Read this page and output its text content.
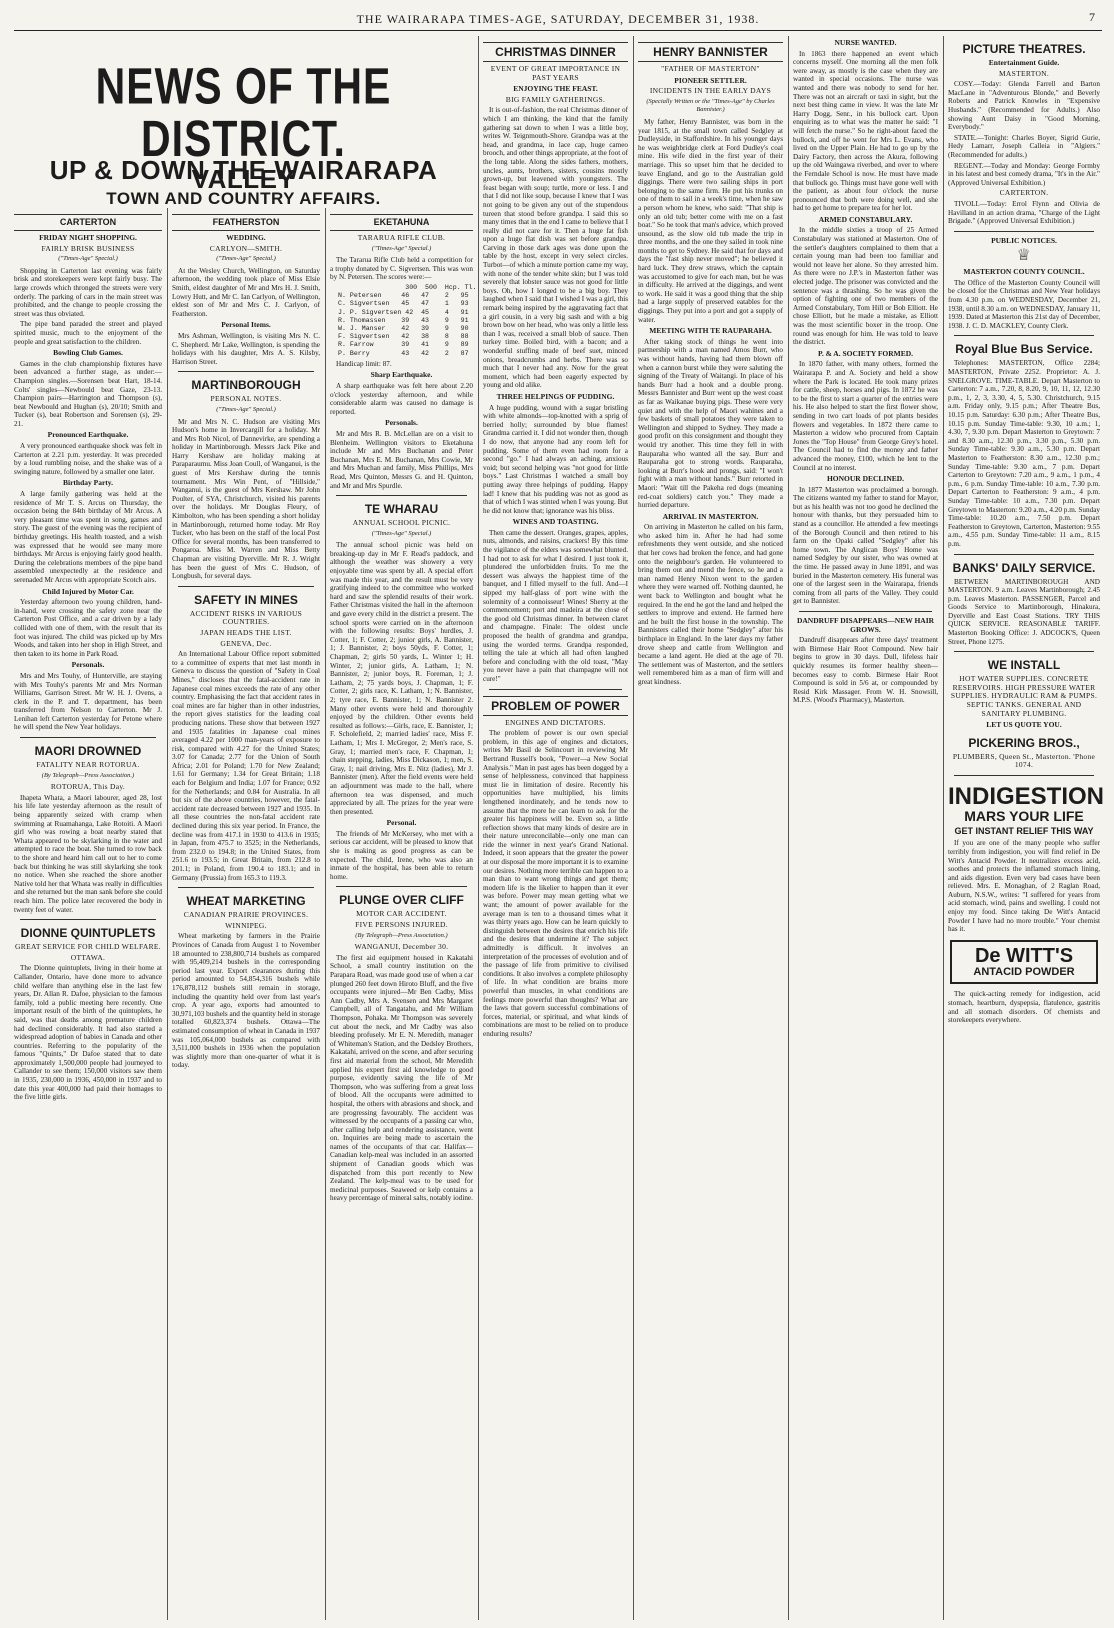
THE WAIRARAPA TIMES-AGE, SATURDAY, DECEMBER 31, 1938.	7
NEWS OF THE DISTRICT.
UP & DOWN THE WAIRARAPA VALLEY
TOWN AND COUNTRY AFFAIRS.
CARTERTON
FRIDAY NIGHT SHOPPING.
FAIRLY BRISK BUSINESS
("Times-Age" Special.)

Shopping in Carterton last evening was fairly brisk and storekeepers were kept fairly busy. The large crowds which thronged the streets were very orderly. The parking of cars in the main street was prohibited, and the change to people crossing the street was thus obviated.

The pipe band paraded the street and played spirited music, much to the enjoyment of the people and great satisfaction to the children.

Bowling Club Games.

Games in the club championship fixtures have been advanced a further stage, as under:— Champion singles.—Sorensen beat Hart, 18-14. Colts' singles—Newbould beat Gaze, 23-13. Champion pairs—Harrington and Thompson (s), beat Newbould and Hughan (s), 20/10; Smith and Tucker (s), beat Robertson and Sorensen (s), 29-21.

Pronounced Earthquake.

A very pronounced earthquake shock was felt in Carterton at 2.21 p.m. yesterday. It was preceded by a loud rumbling noise, and the shake was of a swinging nature, followed by a smaller one later.

Birthday Party.

A large family gathering was held at the residence of Mr T. S. Arcus on Thursday, the occasion being the 84th birthday of Mr Arcus. A very pleasant time was spent in song, games and story. The guest of the evening was the recipient of birthday greetings. His health toasted, and a wish was expressed that he would see many more birthdays. Mr Arcus is enjoying fairly good health. During the celebrations members of the pipe band assembled unexpectedly at the residence and serenaded Mr Arcus with appropriate Scotch airs.

Child Injured by Motor Car.

Yesterday afternoon two young children, hand-in-hand, were crossing the safety zone near the Carterton Post Office, and a car driven by a lady collided with one of them, with the result that its foot was injured. The child was picked up by Mrs Woods, and taken into her shop in High Street, and then taken to its home in Park Road.

Personals.

Mrs and Mrs Touhy, of Hunterville, are staying with Mrs Touhy's parents Mr and Mrs Norman Williams, Garrison Street. Mr W. H. J. Ovens, a clerk in the P. and T. department, has been transferred from Nelson to Carterton. Mr J. Lenihan left Carterton yesterday for Petone where he will spend the New Year holidays.

MAORI DROWNED
FATALITY NEAR ROTORUA.
(By Telegraph—Press Association.)
ROTORUA, This Day.

Ihapeta Whata, a Maori labourer, aged 28, lost his life late yesterday afternoon as the result of being apparently seized with cramp when swimming at Ruamahanga, Lake Rotoiti. A Maori girl who was rowing a boat nearby stated that Whata appeared to be skylarking in the water and attempted to race the boat. She turned to row back to the shore and heard him call out to her to come back but thinking he was still skylarking she took no notice. When she reached the shore another Native told her that Whata was really in difficulties and she returned but the man sank before she could reach him. The police later recovered the body in twenty feet of water.

DIONNE QUINTUPLETS
GREAT SERVICE FOR CHILD WELFARE.
OTTAWA.

The Dionne quintuplets, living in their home at Callander, Ontario, have done more to advance child welfare than anything else in the last few years, Dr. Allan R. Dafoe, physician to the famous family, told a public meeting here recently. One important result of the birth of the quintuplets, he said, was that deaths among premature children had declined considerably. It had also started a widespread adoption of babies in Canada and other countries. Referring to the popularity of the famous "Quints," Dr Dafoe stated that to date approximately 1,500,000 people had journeyed to Callander to see them; 150,000 visitors saw them in 1935, 230,000 in 1936, 450,000 in 1937 and to date this year 400,000 had paid their homages to the five little girls.

FEATHERSTON
WEDDING.
CARLYON—SMITH.
("Times-Age" Special.)

At the Wesley Church, Wellington, on Saturday afternoon, the wedding took place of Miss Elsie Smith, eldest daughter of Mr and Mrs H. J. Smith, Lowry Hutt, and Mr C. Ian Carlyon, of Wellington, eldest son of Mr and Mrs C. J. Carlyon, of Featherston.

Personal Items.

Mrs Ashman, Wellington, is visiting Mrs N. C. C. Shepherd. Mr Lake, Wellington, is spending the holidays with his daughter, Mrs A. S. Kilsby, Harrison Street.

MARTINBOROUGH
PERSONAL NOTES.
("Times-Age" Special.)

Mr and Mrs N. C. Hudson are visiting Mrs Hudson's home in Invercargill for a holiday. Mr and Mrs Rob Nicol, of Dannevirke, are spending a holiday in Martinborough. Messrs Jack Pike and Harry Kershaw are holiday making at Paraparaumu. Miss Joan Coull, of Wanganui, is the guest of Mrs Kershaw during the tennis tournament. Mrs Win Pent, of "Hillside," Wanganui, is the guest of Mrs Kershaw. Mr John Poulter, of SYA, Christchurch, visited his parents over the holidays. Mr Douglas Fleury, of Kimbolton, who has been spending a short holiday in Martinborough, returned home today. Mr Roy Tucker, who has been on the staff of the local Post Office for several months, has been transferred to Pongaroa. Miss M. Warren and Miss Betty Chapman are visiting Dyerville. Mr R. J. Wright has been the guest of Mrs C. Hudson, of Longbush, for several days.

SAFETY IN MINES
ACCIDENT RISKS IN VARIOUS COUNTRIES.
JAPAN HEADS THE LIST.
GENEVA, Dec.

An International Labour Office report submitted to a committee of experts that met last month in Geneva to discuss the question of "Safety in Coal Mines," discloses that the fatal-accident rate in Japanese coal mines exceeds the rate of any other country. Emphasising the fact that accident rates in coal mines are far higher than in other industries, the report gives statistics for the leading coal producing nations. These show that between 1927 and 1935 fatalities in Japanese coal mines averaged 4.22 per 1000 man-years of exposure to risk, compared with 4.27 for the United States; 3.07 for Canada; 2.77 for the Union of South Africa; 2.01 for Poland; 1.70 for New Zealand; 1.61 for Germany; 1.34 for Great Britain; 1.18 each for Belgium and India; 1.07 for France; 0.92 for the Netherlands; and 0.84 for Australia. In all but six of the above countries, however, the fatal-accident rate decreased between 1927 and 1935. In all these countries the non-fatal accident rate declined during this six year period. In France, the decline was from 417.1 in 1930 to 413.6 in 1935; in Japan, from 475.7 to 3525; in the Netherlands, from 232.0 to 194.8; in the United States, from 251.6 to 193.5; in Great Britain, from 212.8 to 201.1; in Poland, from 190.4 to 183.1; and in Germany (Prussia) from 165.3 to 119.3.

WHEAT MARKETING
CANADIAN PRAIRIE PROVINCES.
WINNIPEG.

Wheat marketing by farmers in the Prairie Provinces of Canada from August 1 to November 18 amounted to 238,800,714 bushels as compared with 95,409,214 bushels in the corresponding period last year. Export clearances during this period amounted to 54,854,316 bushels while 176,878,112 bushels still remain in storage, including the quantity held over from last year's crop. A year ago, exports had amounted to 30,971,103 bushels and the quantity held in storage totalled 60,823,374 bushels. Ottawa—The estimated consumption of wheat in Canada in 1937 was 105,064,000 bushels as compared with 3,511,000 bushels in 1936 when the population was slightly more than one-quarter of what it is today.

EKETAHUNA
TARARUA RIFLE CLUB.
("Times-Age" Special.)

The Tararua Rifle Club held a competition for a trophy donated by C. Sigvertsen. This was won by N. Petersen. The scores were:—

300  500  Hcp. Tl.
N. Petersen     46   47    2   95
C. Sigvertsen   45   47    1   93
J. P. Sigvertsen 42  45    4   91
R. Thomassen    39   43    9   91
W. J. Manser    42   39    9   90
F. Sigvertsen   42   38    8   88
R. Farrow       39   41    9   89
P. Berry        43   42    2   87

Handicap limit: 87.

Sharp Earthquake.

A sharp earthquake was felt here about 2.20 o'clock yesterday afternoon, and while considerable alarm was caused no damage is reported.

Personals.

Mr and Mrs R. B. McLellan are on a visit to Blenheim. Wellington visitors to Eketahuna include Mr and Mrs Buchanan and Peter Buchanan, Mrs E. M. Buchanan, Mrs Cowie, Mr and Mrs Muchan and family, Miss Phillips, Mrs Read, Mrs Quinton, Messrs G. and H. Quinton, and Mr and Mrs Spurdle.

TE WHARAU
ANNUAL SCHOOL PICNIC.
("Times-Age" Special.)

The annual school picnic was held on breaking-up day in Mr F. Read's paddock, and although the weather was showery a very enjoyable time was spent by all. A special effort was made this year, and the result must be very gratifying indeed to the committee who worked hard and saw the splendid results of their work. Father Christmas visited the hall in the afternoon and gave every child in the district a present. The school sports were carried on in the afternoon with the following results: Boys' hurdles, J. Cotter, 1; F. Cotter, 2; junior girls, A. Bannister, 1; J. Bannister, 2; boys 50yds, F. Cotter, 1; Chapman, 2; girls 50 yards, L. Winter 1; H. Winter, 2; junior girls, A. Latham, 1; N. Bannister, 2; junior boys, R. Foreman, 1; J. Latham, 2; 75 yards boys, J. Chapman, 1; F. Cotter, 2; girls race, K. Latham, 1; N. Bannister, 2; tyre race, E. Bannister, 1; N. Bannister 2. Many other events were held and thoroughly enjoyed by the children. Other events held resulted as follows:—Girls, race, E. Bannister, 1; F. Scholefield, 2; married ladies' race, Miss F. Latham, 1; Mrs I. McGregor, 2; Men's race, S. Gray, 1; married men's race, F. Chapman, 1; chain stepping, ladies, Miss Dickason, 1; men, S. Gray, 1; nail driving, Mrs E. Nitz (ladies), Mr J. Bannister (men). After the field events were held an adjournment was made to the hall, where afternoon tea was dispensed, and much appreciated by all. The prizes for the year were then presented.

Personal.

The friends of Mr McKersey, who met with a serious car accident, will be pleased to know that she is making as good progress as can be expected. The child, Irene, who was also an inmate of the hospital, has been able to return home.

PLUNGE OVER CLIFF
MOTOR CAR ACCIDENT.
FIVE PERSONS INJURED.
(By Telegraph—Press Association.)
WANGANUI, December 30.

The first aid equipment housed in Kakatahi School, a small country institution on the Parapara Road, was made good use of when a car plunged 260 feet down Hiroto Bluff, and the five occupants were injured—Mr Ben Cadby, Miss Ann Cadby, Mrs A. Svensen and Mrs Margaret Campbell, all of Tangatahu, and Mr William Thompson, Pohaka. Mr Thompson was severely cut about the neck, and Mr Cadby was also bleeding profusely. Mr E. N. Meredith, manager of Whiteman's Station, and the Dedsley Brothers, Kakatahi, arrived on the scene, and after securing first aid material from the school, Mr Meredith applied his expert first aid knowledge to good purpose, evidently saving the life of Mr Thompson, who was suffering from a great loss of blood. All the occupants were admitted to hospital, the others with abrasions and shock, and are progressing favourably. The accident was witnessed by the occupants of a passing car who, after calling help and rendering assistance, went on. Inquiries are being made to ascertain the names of the occupants of that car. Halifax—Canadian kelp-meal was included in an assorted shipment of Canadian goods which was dispatched from this port recently to New Zealand. The kelp-meal was to be used for medicinal purposes. Seaweed or kelp contains a heavy percentage of mineral salts, notably iodine.

CHRISTMAS DINNER
EVENT OF GREAT IMPORTANCE IN PAST YEARS
ENJOYING THE FEAST.
BIG FAMILY GATHERINGS.

It is out-of-fashion, the real Christmas dinner of which I am thinking, the kind that the family gathering sat down to when I was a little boy, writes W. Teignmouth-Shore. Grandpa was at the head, and grandma, in lace cap, huge cameo brooch, and other things appropriate, at the foot of the long table. Along the sides fathers, mothers, uncles, aunts, brothers, sisters, cousins mostly grown-up, but leavened with youngsters. The feast began with soup; turtle, more or less. I and that I did not like soup, because I knew that I was not going to be given any out of the stupendous tureen that stood before grandpa. I said this so many times that in the end I came to believe that I really did not care for it. Then a huge fat fish upon a huge flat dish was set before grandpa. Carving in those dark ages was done upon the table by the host, except in very select circles. Turbot—of which a minute portion came my way, with none of the tender white skin; but I was told severely that lobster sauce was not good for little boys. Oh, how I longed to be a big boy. They laughed when I said that I wished I was a girl, this remark being inspired by the aggravating fact that a girl cousin, in a very big sash and with a big brown bow on her head, who was only a little less than I was, received a small blob of sauce. Then turkey time. Boiled bird, with a bacon; and a wonderful stuffing made of beef suet, minced onions, breadcrumbs and herbs. There was so much that I never had any. Now for the great moment, which had been eagerly expected by young and old alike.

THREE HELPINGS OF PUDDING.

A huge pudding, wound with a sugar bristling with white almonds—top-knotted with a sprig of berried holly; surrounded by blue flames! Grandma carried it. I did not wonder then, though I do now, that anyone had any room left for pudding. Some of them even had room for a second "go." I had always an aching, anxious void; but second helping was "not good for little boys." Last Christmas I watched a small boy putting away three helpings of pudding. Happy lad! I knew that his pudding was not as good as that of which I was stinted when I was young. But he did not know that; ignorance was his bliss.

WINES AND TOASTING.

Then came the dessert. Oranges, grapes, apples, nuts, almonds, and raisins, crackers! By this time the vigilance of the elders was somewhat blunted. I had not to ask for what I desired. I just took it, plundered the unforbidden fruits. To me the dessert was always the happiest time of the banquet, and I filled myself to the full. And—I sipped my half-glass of port wine with the solemnity of a connoisseur! Wines! Sherry at the commencement; port and madeira at the close of the good old Christmas dinner. In between claret and champagne. Finale: The oldest uncle proposed the health of grandma and grandpa, using the worded terms. Grandpa responded, telling the tale at which all had often laughed before and concluding with the old toast, "May you never have a pain that champagne will not cure!"

PROBLEM OF POWER
ENGINES AND DICTATORS.

The problem of power is our own special problem, in this age of engines and dictators, writes Mr Basil de Selincourt in reviewing Mr Bertrand Russell's book, "Power—a New Social Analysis." Man in past ages has been dogged by a sense of helplessness, convinced that happiness must lie in limitation of desire. Recently his opportunities have multiplied, his limits lengthened inordinately, and he tends now to assume that the more he can learn to ask for the greater his happiness will be. Even so, a little reflection shows that many kinds of desire are in their nature unreconcilable—only one man can ride the winner in next year's Grand National. Indeed, it soon appears that the greater the power at our disposal the more important it is to examine our desires. Nothing more terrible can happen to a man than to want wrong things and get them; modern life is the likelier to happen than it ever was before. Power may mean getting what we want; the amount of power available for the average man is ten to a thousand times what it was thirty years ago. How can he learn quickly to distinguish between the desires that enrich his life and the desires that undermine it? The subject admittedly is difficult. It involves an interpretation of the processes of evolution and of the passage of life from primitive to civilised conditions. It also involves a complete philosophy of life. In what condition are brains more powerful than muscles, in what conditions are feelings more powerful than thoughts? What are the laws that govern successful combinations of forces, material, or spiritual, and what kinds of combinations are most to be relied on to produce enduring results?

HENRY BANNISTER
"FATHER OF MASTERTON"
PIONEER SETTLER.
INCIDENTS IN THE EARLY DAYS
(Specially Written or the "Times-Age" by Charles Bannister.)

My father, Henry Bannister, was born in the year 1815, at the small town called Sedgley at Dudleyside, in Staffordshire. In his younger days he was weighbridge clerk at Ford Dudley's coal mine. His wife died in the first year of their marriage. This so upset him that he decided to leave England, and go to the Australian gold diggings. There were two sailing ships in port belonging to the same firm. He put his trunks on one of them to sail in a week's time, when he saw a person whom he knew, who said: "That ship is only an old tub; better come with me on a fast boat." So he took that man's advice, which proved unsound, as the slow old tub made the trip in three months, and the one they sailed in took nine months to get to Sydney. He said that for days and days the "fast ship never moved"; he believed it hard luck. They drew straws, which the captain was accustomed to give for each man, but he was in difficulty. He arrived at the diggings, and went to work. He said it was a good thing that the ship had a large supply of preserved eatables for the diggings. They put into a port and got a supply of water.

MEETING WITH TE RAUPARAHA.

After taking stock of things he went into partnership with a man named Amos Burr, who was without hands, having had them blown off when a cannon burst while they were saluting the signing of the Treaty of Waitangi. In place of his hands Burr had a hook and a double prong. Messrs Bannister and Burr went up the west coast as far as Waikanae buying pigs. These were very quiet and with the help of Maori wahines and a few baskets of small potatoes they were taken to Wellington and shipped to Sydney. They made a good profit on this consignment and thought they would try another. This time they fell in with Rauparaha who wanted all the say. Burr and Rauparaha got to strong words. Rauparaha, looking at Burr's hook and prongs, said: "I won't fight with a man without hands." Burr retorted in Maori: "Wait till the Pakeha red dogs (meaning red-coat soldiers) catch you." They made a hurried departure.

ARRIVAL IN MASTERTON.

On arriving in Masterton he called on his farm, who asked him in. After he had had some refreshments they went outside, and she noticed that her cows had broken the fence, and had gone onto the neighbour's garden. He volunteered to bring them out and mend the fence, so he and a man named Henry Nixon went to the garden where they were warned off. Nothing daunted, he went back to Wellington and bought what he required. In the end he got the land and helped the settlers to improve and extend. He farmed here and he built the first house in the township. The Bannisters called their home "Sedgley" after his birthplace in England. In the later days my father drove sheep and cattle from Wellington and became a land agent. He died at the age of 70. The settlement was of Masterton, and the settlers well remembered him as a man of firm will and great kindness.

NURSE WANTED.

In 1863 there happened an event which concerns myself. One morning all the men folk were away, as mostly is the case when they are wanted in special occasions. The nurse was wanted and there was nobody to send for her. There was not an aircraft or taxi in sight, but the next best thing came in view. It was the late Mr Harry Dogg, Senr., in his bullock cart. Upon enquiring as to what was the matter he said: "I will fetch the nurse." So he right-about faced the bullock, and off he went for Mrs L. Evans, who lived on the Upper Plain. He had to go up by the Dairy Factory, then across the Akura, following up the old Waingawa riverbed, and over to where the Ferndale School is now. He must have made that bullock go. Things must have gone well with the patient, as about four o'clock the nurse pronounced that both were doing well, and she had to get home to prepare tea for her lot.

ARMED CONSTABULARY.

In the middle sixties a troop of 25 Armed Constabulary was stationed at Masterton. One of the settler's daughters complained to them that a certain young man had been too familiar and would not leave her alone. So they arrested him. As there were no J.P.'s in Masterton father was elected judge. The prisoner was convicted and the sentence was a thrashing. So he was given the option of fighting one of two members of the Armed Constabulary, Tom Hill or Bob Elliott. He chose Elliott, but he made a mistake, as Elliott was the most scientific boxer in the troop. One round was enough for him. He was told to leave the district.

P. & A. SOCIETY FORMED.

In 1870 father, with many others, formed the Wairarapa P. and A. Society and held a show where the Park is located. He took many prizes for cattle, sheep, horses and pigs. In 1872 he was to be the first to start a quarter of the entries were his. He also helped to start the first flower show, sending in two cart loads of pot plants besides flowers and vegetables. In 1872 there came to Masterton a widow who procured from Captain Jones the "Top House" from George Grey's hotel. The Council had to find the money and father advanced the money, £100, which he lent to the Council at no interest.

HONOUR DECLINED.

In 1877 Masterton was proclaimed a borough. The citizens wanted my father to stand for Mayor, but as his health was not too good he declined the honour with thanks, but they persuaded him to stand as a councillor. He attended a few meetings of the Borough Council and then retired to his farm on the Opaki called "Sedgley" after his home town. The Anglican Boys' Home was named Sedgley by our sister, who was owned at the time. He passed away in June 1891, and was buried in the Masterton cemetery. His funeral was one of the largest seen in the Wairarapa, friends coming from all parts of the Valley. They could get to Bannister.

DANDRUFF DISAPPEARS—NEW HAIR GROWS.

Dandruff disappears after three days' treatment with Birmese Hair Root Compound. New hair begins to grow in 30 days. Dull, lifeless hair quickly resumes its former healthy sheen—becomes easy to comb. Birmese Hair Root Compound is sold in 5/6 at, or compounded by Resid Kirk Massager. From W. H. Snowsill, M.P.S. (Wood's Pharmacy), Masterton.

PICTURE THEATRES.
Entertainment Guide.
MASTERTON.

COSY.—Today: Glenda Farrell and Barton MacLane in "Adventurous Blonde," and Beverly Roberts and Patrick Knowles in "Expensive Husbands." (Recommended for Adults.) Also showing Aunt Daisy in "Good Morning, Everybody."

STATE.—Tonight: Charles Boyer, Sigrid Gurie, Hedy Lamarr, Joseph Calleia in "Algiers." (Recommended for adults.)

REGENT.—Today and Monday: George Formby in his latest and best comedy drama, "It's in the Air." (Approved Universal Exhibition.)

CARTERTON.

TIVOLI.—Today: Errol Flynn and Olivia de Havilland in an action drama, "Charge of the Light Brigade." (Approved Universal Exhibition.)

PUBLIC NOTICES.
♕
MASTERTON COUNTY COUNCIL.

The Office of the Masterton County Council will be closed for the Christmas and New Year holidays from 4.30 p.m. on WEDNESDAY, December 21, 1938, until 8.30 a.m. on WEDNESDAY, January 11, 1939. Dated at Masterton this 21st day of December, 1938. J. C. D. MACKLEY, County Clerk.

Royal Blue Bus Service.

Telephones: MASTERTON, Office 2284; MASTERTON, Private 2252. Proprietor: A. J. SNELGROVE. TIME-TABLE. Depart Masterton to Carterton: 7 a.m., 7.20, 8, 8.20, 9, 10, 11, 12, 12.30 p.m., 1, 2, 3, 3.30, 4, 5, 5.30. Christchurch, 9.15 a.m. Friday only, 9.15 p.m.; After Theatre Bus, 10.15 p.m. Saturday: 6.30 p.m.; After Theatre Bus, 10.15 p.m. Sunday Time-table: 9.30, 10 a.m.; 1, 4.30, 7, 9.30 p.m. Depart Masterton to Greytown: 7 and 8.30 a.m., 12.30 p.m., 3.30 p.m., 5.30 p.m. Sunday Time-table: 9.30 a.m., 5.30 p.m. Depart Masterton to Featherston: 8.30 a.m., 12.30 p.m.; Sunday Time-table: 9.30 a.m., 7 p.m. Depart Carterton to Greytown: 7.20 a.m., 9 a.m., 1 p.m., 4 p.m., 6 p.m. Sunday Time-table: 10 a.m., 7.30 p.m. Depart Carterton to Featherston: 9 a.m., 4 p.m. Sunday Time-table: 10 a.m., 7.30 p.m. Depart Greytown to Masterton: 9.20 a.m., 4.20 p.m. Sunday Time-table: 10.20 a.m., 7.50 p.m. Depart Featherston to Greytown, Carterton, Masterton: 9.55 a.m., 4.55 p.m. Sunday Time-table: 11 a.m., 8.15 p.m.

BANKS' DAILY SERVICE.

BETWEEN MARTINBOROUGH AND MASTERTON. 9 a.m. Leaves Martinborough; 2.45 p.m. Leaves Masterton. PASSENGER, Parcel and Goods Service to Martinborough, Hinakura, Dyerville and East Coast Stations. TRY THIS QUICK SERVICE. REASONABLE TARIFF. Masterton Booking Office: J. ADCOCK'S, Queen Street, Phone 1275.

WE INSTALL
HOT WATER SUPPLIES. CONCRETE RESERVOIRS. HIGH PRESSURE WATER SUPPLIES. HYDRAULIC RAM & PUMPS. SEPTIC TANKS. GENERAL AND SANITARY PLUMBING.
LET US QUOTE YOU.
PICKERING BROS.,
PLUMBERS, Queen St., Masterton. 'Phone 1074.
INDIGESTION
MARS YOUR LIFE
GET INSTANT RELIEF THIS WAY

If you are one of the many people who suffer terribly from indigestion, you will find relief in De Witt's Antacid Powder. It neutralizes excess acid, soothes and protects the inflamed stomach lining, and aids digestion. Even very bad cases have been relieved. Mrs. E. Monaghan, of 2 Raglan Road, Auburn, N.S.W., writes: "I suffered for years from acid stomach, wind, pains and swelling. I could not enjoy my food. Since taking De Witt's Antacid Powder I have had no more trouble." Your chemist has it.

De WITT'S
ANTACID POWDER

The quick-acting remedy for indigestion, acid stomach, heartburn, dyspepsia, flatulence, gastritis and all stomach disorders. Of chemists and storekeepers everywhere.
